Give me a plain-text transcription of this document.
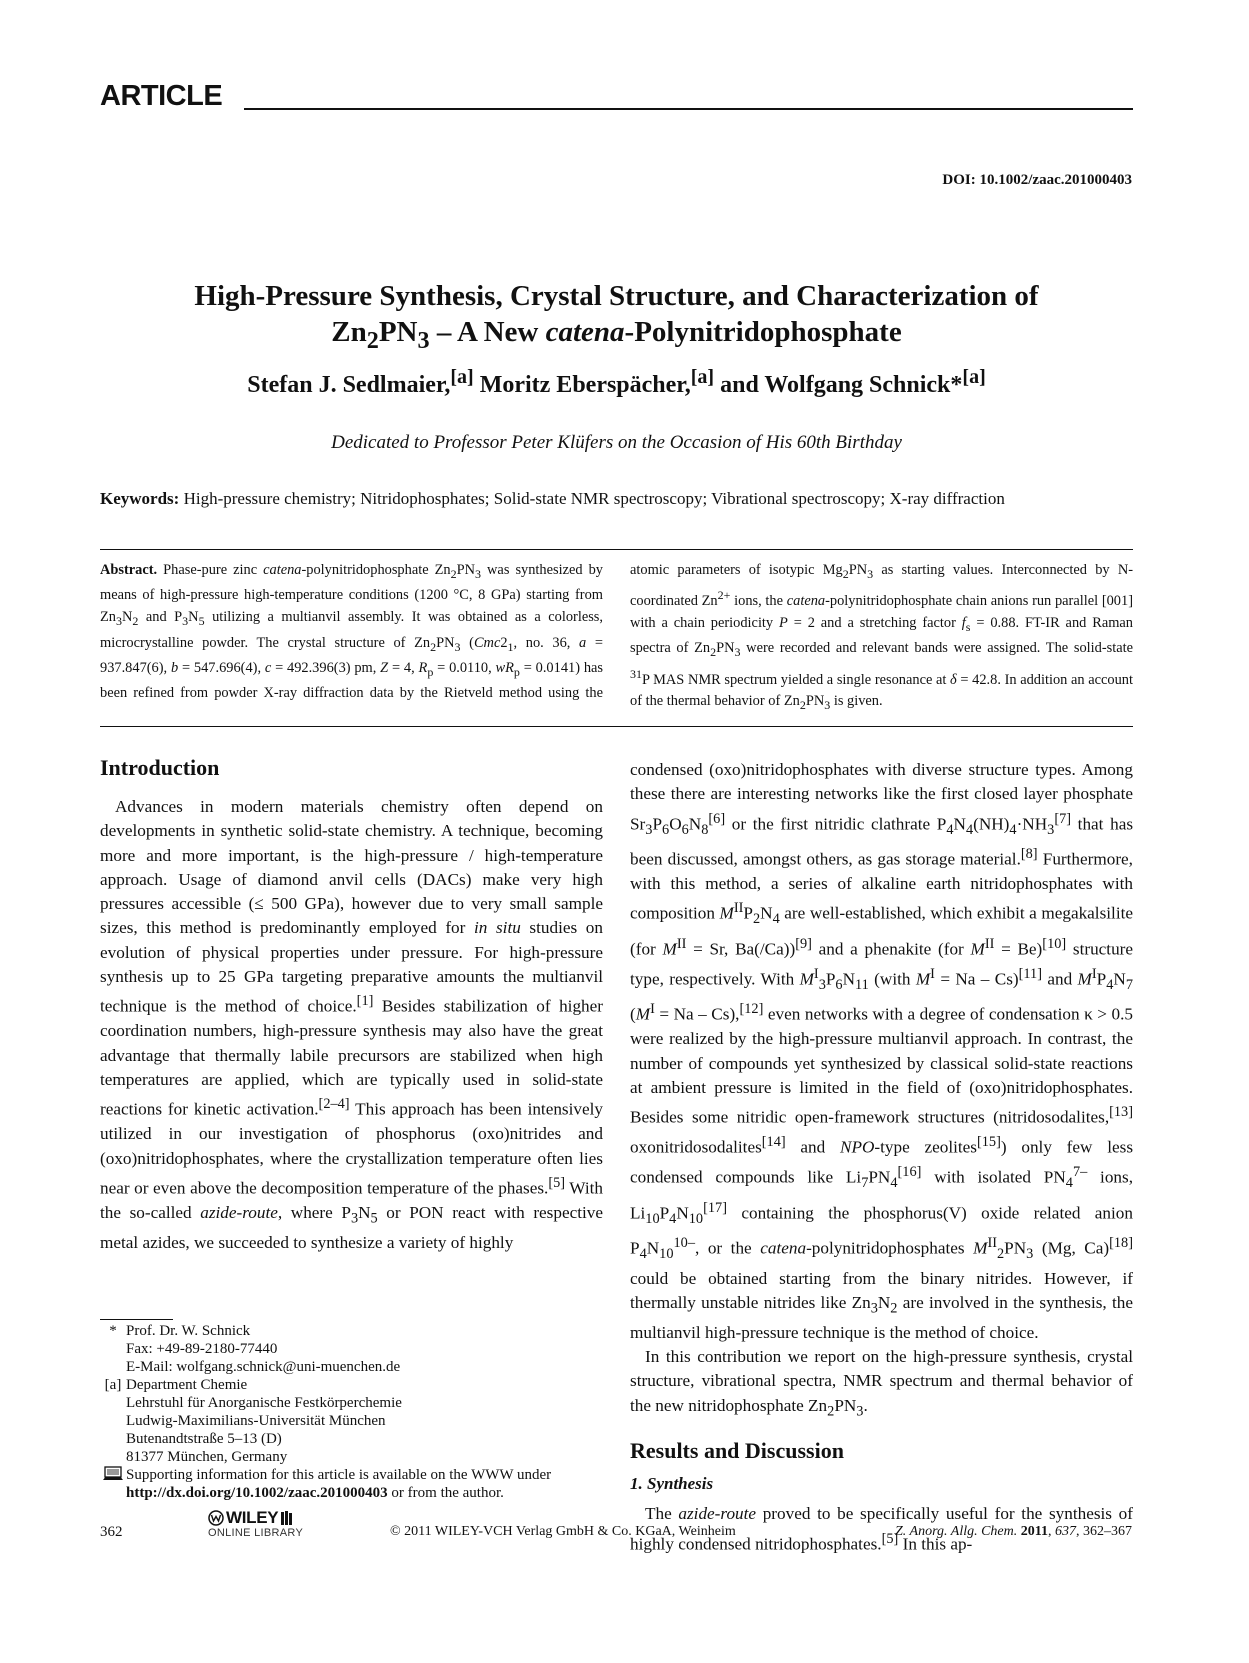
ARTICLE
DOI: 10.1002/zaac.201000403
High-Pressure Synthesis, Crystal Structure, and Characterization of
$Zn_2PN_3$ – A New catena-Polynitridophosphate
Stefan J. Sedlmaier,[a] Moritz Eberspächer,[a] and Wolfgang Schnick*[a]
Dedicated to Professor Peter Klüfers on the Occasion of His 60th Birthday
Keywords: High-pressure chemistry; Nitridophosphates; Solid-state NMR spectroscopy; Vibrational spectroscopy; X-ray diffraction

Abstract. Phase-pure zinc catena-polynitridophosphate $Zn_2PN_3$ was synthesized by means of high-pressure high-temperature conditions (1200 °C, 8 GPa) starting from $Zn_3N_2$ and $P_3N_5$ utilizing a multianvil assembly. It was obtained as a colorless, microcrystalline powder. The crystal structure of $Zn_2PN_3$ ($Cmc2_1$, no. 36, a = 937.847(6), b = 547.696(4), c = 492.396(3) pm, Z = 4, $R_p = 0.0110$, $wR_p = 0.0141$) has been refined from powder X-ray diffraction data by the Rietveld method using the atomic parameters of isotypic $Mg_2PN_3$ as starting values. Interconnected by N-coordinated $Zn^{2+}$ ions, the catena-polynitridophosphate chain anions run parallel [001] with a chain periodicity P = 2 and a stretching factor $f_s = 0.88$. FT-IR and Raman spectra of $Zn_2PN_3$ were recorded and relevant bands were assigned. The solid-state $^{31}$P MAS NMR spectrum yielded a single resonance at δ = 42.8. In addition an account of the thermal behavior of $Zn_2PN_3$ is given.

Introduction

Advances in modern materials chemistry often depend on developments in synthetic solid-state chemistry. A technique, becoming more and more important, is the high-pressure / high-temperature approach. Usage of diamond anvil cells (DACs) make very high pressures accessible (≤ 500 GPa), however due to very small sample sizes, this method is predominantly employed for in situ studies on evolution of physical properties under pressure. For high-pressure synthesis up to 25 GPa targeting preparative amounts the multianvil technique is the method of choice.[1] Besides stabilization of higher coordination numbers, high-pressure synthesis may also have the great advantage that thermally labile precursors are stabilized when high temperatures are applied, which are typically used in solid-state reactions for kinetic activation.[2–4] This approach has been intensively utilized in our investigation of phosphorus (oxo)nitrides and (oxo)nitridophosphates, where the crystallization temperature often lies near or even above the decomposition temperature of the phases.[5] With the so-called azide-route, where $P_3N_5$ or PON react with respective metal azides, we succeeded to synthesize a variety of highly

condensed (oxo)nitridophosphates with diverse structure types. Among these there are interesting networks like the first closed layer phosphate $Sr_3P_6O_6N_8[6]$ or the first nitridic clathrate $P_4N_4(NH)_4\cdot NH_3[7]$ that has been discussed, amongst others, as gas storage material.[8] Furthermore, with this method, a series of alkaline earth nitridophosphates with composition $M^{II}P_2N_4$ are well-established, which exhibit a megakalsilite (for $M^{II} = Sr$, Ba(/Ca))[9] and a phenakite (for $M^{II} = Be)[10]$ structure type, respectively. With $M^I_3P_6N_{11}$ (with $M^I = Na - Cs)[11]$ and $M^IP_4N_7$ $(M^I = Na - Cs),[12]$ even networks with a degree of condensation κ > 0.5 were realized by the high-pressure multianvil approach. In contrast, the number of compounds yet synthesized by classical solid-state reactions at ambient pressure is limited in the field of (oxo)nitridophosphates. Besides some nitridic open-framework structures (nitridosodalites,[13] oxonitridosodalites[14] and NPO-type zeolites[15]) only few less condensed compounds like $Li_7PN_4[16]$ with isolated $PN_4^{7-}$ ions, $Li_{10}P_4N_{10}[17]$ containing the phosphorus(V) oxide related anion $P_4N_{10}^{10-}$, or the catena-polynitridophosphates $M^{II}_2PN_3$ (Mg, Ca)[18] could be obtained starting from the binary nitrides. However, if thermally unstable nitrides like $Zn_3N_2$ are involved in the synthesis, the multianvil high-pressure technique is the method of choice.

In this contribution we report on the high-pressure synthesis, crystal structure, vibrational spectra, NMR spectrum and thermal behavior of the new nitridophosphate $Zn_2PN_3$.

Results and Discussion
1. Synthesis

The azide-route proved to be specifically useful for the synthesis of highly condensed nitridophosphates.[5] In this ap-

* Prof. Dr. W. Schnick
Fax: +49-89-2180-77440
E-Mail: wolfgang.schnick@uni-muenchen.de
[a] Department Chemie
Lehrstuhl für Anorganische Festkörperchemie
Ludwig-Maximilians-Universität München
Butenandtstraße 5–13 (D)
81377 München, Germany
Supporting information for this article is available on the WWW under http://dx.doi.org/10.1002/zaac.201000403 or from the author.
362
WILEY
ONLINE LIBRARY	© 2011 WILEY-VCH Verlag GmbH & Co. KGaA, Weinheim	Z. Anorg. Allg. Chem. 2011, 637, 362–367
